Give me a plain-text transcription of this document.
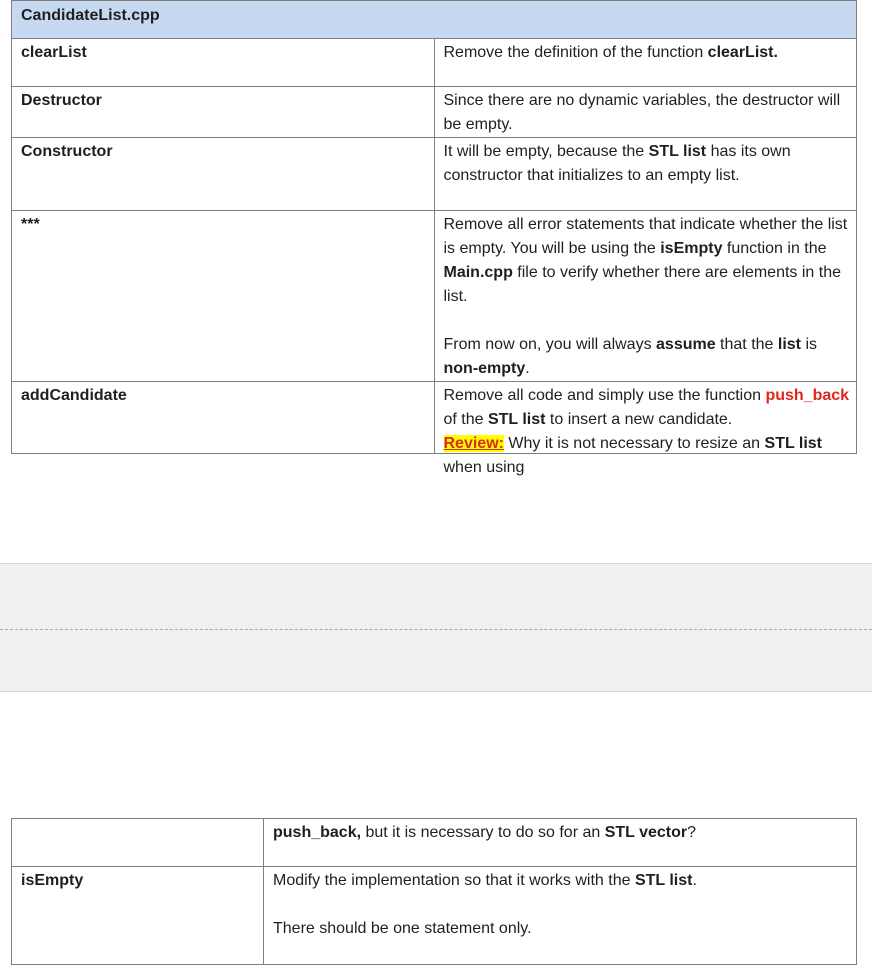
CandidateList.cpp	
clearList	Remove the definition of the function clearList.
Destructor	Since there are no dynamic variables, the destructor will be empty.
Constructor	It will be empty, because the STL list has its own constructor that initializes to an empty list.
***	Remove all error statements that indicate whether the list is empty. You will be using the isEmpty function in the Main.cpp file to verify whether there are elements in the list.
From now on, you will always assume that the list is non-empty.

addCandidate	Remove all code and simply use the function push_back of the STL list to insert a new candidate.
Review: Why it is not necessary to resize an STL list when using
	push_back, but it is necessary to do so for an STL vector?
isEmpty	Modify the implementation so that it works with the STL list.
There should be one statement only.
